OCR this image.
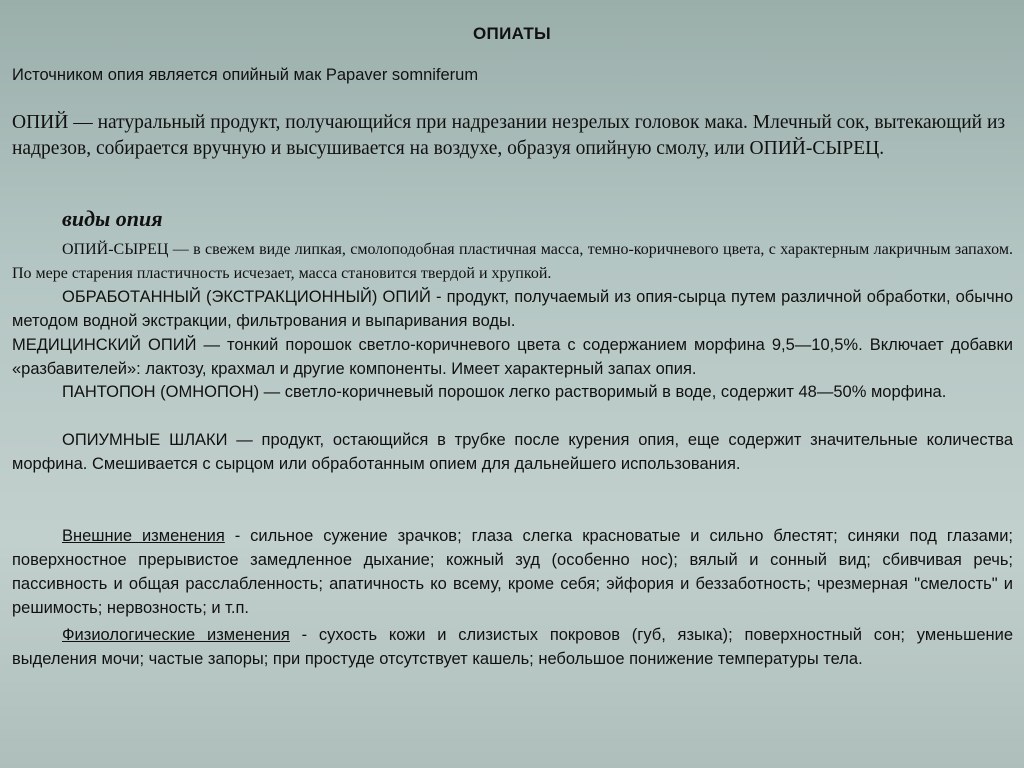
ОПИАТЫ
Источником опия является опийный мак Papaver somniferum

ОПИЙ — натуральный продукт, получающийся при надрезании незрелых головок мака. Млечный сок, вытекающий из надрезов, собирается вручную и высушивается на воздухе, образуя опийную смолу, или ОПИЙ-СЫРЕЦ.

виды опия

ОПИЙ-СЫРЕЦ — в свежем виде липкая, смолоподобная пластичная масса, темно-коричневого цвета, с характерным лакричным запахом. По мере старения пластичность исчезает, масса становится твердой и хрупкой.

ОБРАБОТАННЫЙ (ЭКСТРАКЦИОННЫЙ) ОПИЙ - продукт, получаемый из опия-сырца путем различной обработки, обычно методом водной экстракции, фильтрования и выпаривания воды.

МЕДИЦИНСКИЙ ОПИЙ — тонкий порошок светло-коричневого цвета с содержанием морфина 9,5—10,5%. Включает добавки «разбавителей»: лактозу, крахмал и другие компоненты. Имеет характерный запах опия.

ПАНТОПОН (ОМНОПОН) — светло-коричневый порошок легко растворимый в воде, содержит 48—50% морфина.

ОПИУМНЫЕ ШЛАКИ — продукт, остающийся в трубке после курения опия, еще содержит значительные количества морфина. Смешивается с сырцом или обработанным опием для дальнейшего использования.

Внешние изменения - сильное сужение зрачков; глаза слегка красноватые и сильно блестят; синяки под глазами; поверхностное прерывистое замедленное дыхание; кожный зуд (особенно нос); вялый и сонный вид; сбивчивая речь; пассивность и общая расслабленность; апатичность ко всему, кроме себя; эйфория и беззаботность; чрезмерная "смелость" и решимость; нервозность; и т.п.

Физиологические изменения - сухость кожи и слизистых покровов (губ, языка); поверхностный сон; уменьшение выделения мочи; частые запоры; при простуде отсутствует кашель; небольшое понижение температуры тела.
